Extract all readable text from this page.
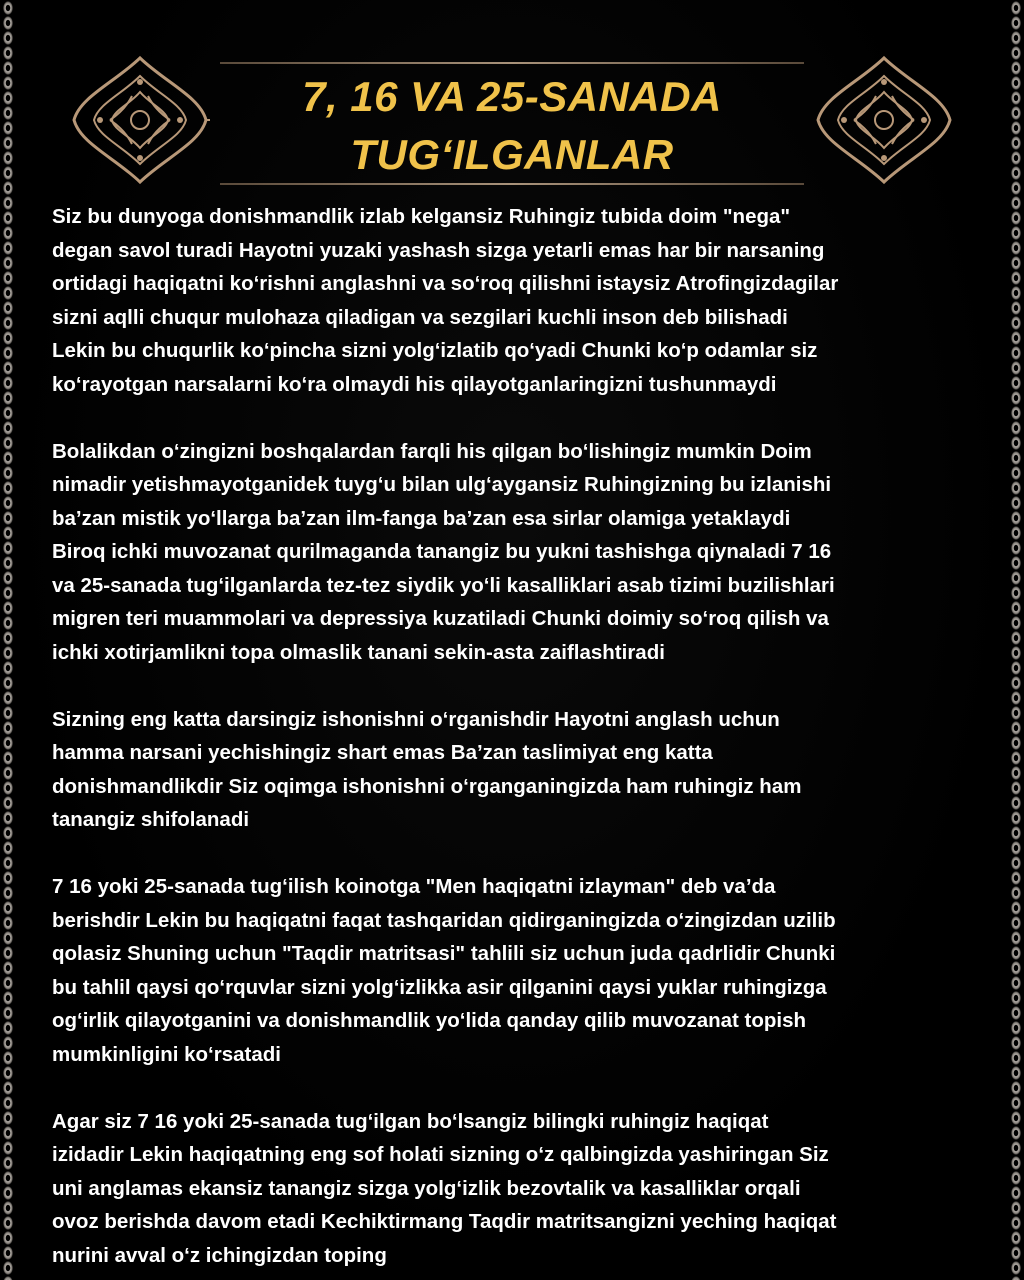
7, 16 VA 25-SANADA
TUG‘ILGANLAR
Siz bu dunyoga donishmandlik izlab kelgansiz Ruhingiz tubida doim "nega"
degan savol turadi Hayotni yuzaki yashash sizga yetarli emas har bir narsaning
ortidagi haqiqatni ko‘rishni anglashni va so‘roq qilishni istaysiz Atrofingizdagilar
sizni aqlli chuqur mulohaza qiladigan va sezgilari kuchli inson deb bilishadi
Lekin bu chuqurlik ko‘pincha sizni yolg‘izlatib qo‘yadi Chunki ko‘p odamlar siz
ko‘rayotgan narsalarni ko‘ra olmaydi his qilayotganlaringizni tushunmaydi
Bolalikdan o‘zingizni boshqalardan farqli his qilgan bo‘lishingiz mumkin Doim
nimadir yetishmayotganidek tuyg‘u bilan ulg‘aygansiz Ruhingizning bu izlanishi
ba’zan mistik yo‘llarga ba’zan ilm-fanga ba’zan esa sirlar olamiga yetaklaydi
Biroq ichki muvozanat qurilmaganda tanangiz bu yukni tashishga qiynaladi 7 16
va 25-sanada tug‘ilganlarda tez-tez siydik yo‘li kasalliklari asab tizimi buzilishlari
migren teri muammolari va depressiya kuzatiladi Chunki doimiy so‘roq qilish va
ichki xotirjamlikni topa olmaslik tanani sekin-asta zaiflashtiradi
Sizning eng katta darsingiz ishonishni o‘rganishdir Hayotni anglash uchun
hamma narsani yechishingiz shart emas Ba’zan taslimiyat eng katta
donishmandlikdir Siz oqimga ishonishni o‘rganganingizda ham ruhingiz ham
tanangiz shifolanadi
7 16 yoki 25-sanada tug‘ilish koinotga "Men haqiqatni izlayman" deb va’da
berishdir Lekin bu haqiqatni faqat tashqaridan qidirganingizda o‘zingizdan uzilib
qolasiz Shuning uchun "Taqdir matritsasi" tahlili siz uchun juda qadrlidir Chunki
bu tahlil qaysi qo‘rquvlar sizni yolg‘izlikka asir qilganini qaysi yuklar ruhingizga
og‘irlik qilayotganini va donishmandlik yo‘lida qanday qilib muvozanat topish
mumkinligini ko‘rsatadi
Agar siz 7 16 yoki 25-sanada tug‘ilgan bo‘lsangiz bilingki ruhingiz haqiqat
izidadir Lekin haqiqatning eng sof holati sizning o‘z qalbingizda yashiringan Siz
uni anglamas ekansiz tanangiz sizga yolg‘izlik bezovtalik va kasalliklar orqali
ovoz berishda davom etadi Kechiktirmang Taqdir matritsangizni yeching haqiqat
nurini avval o‘z ichingizdan toping
